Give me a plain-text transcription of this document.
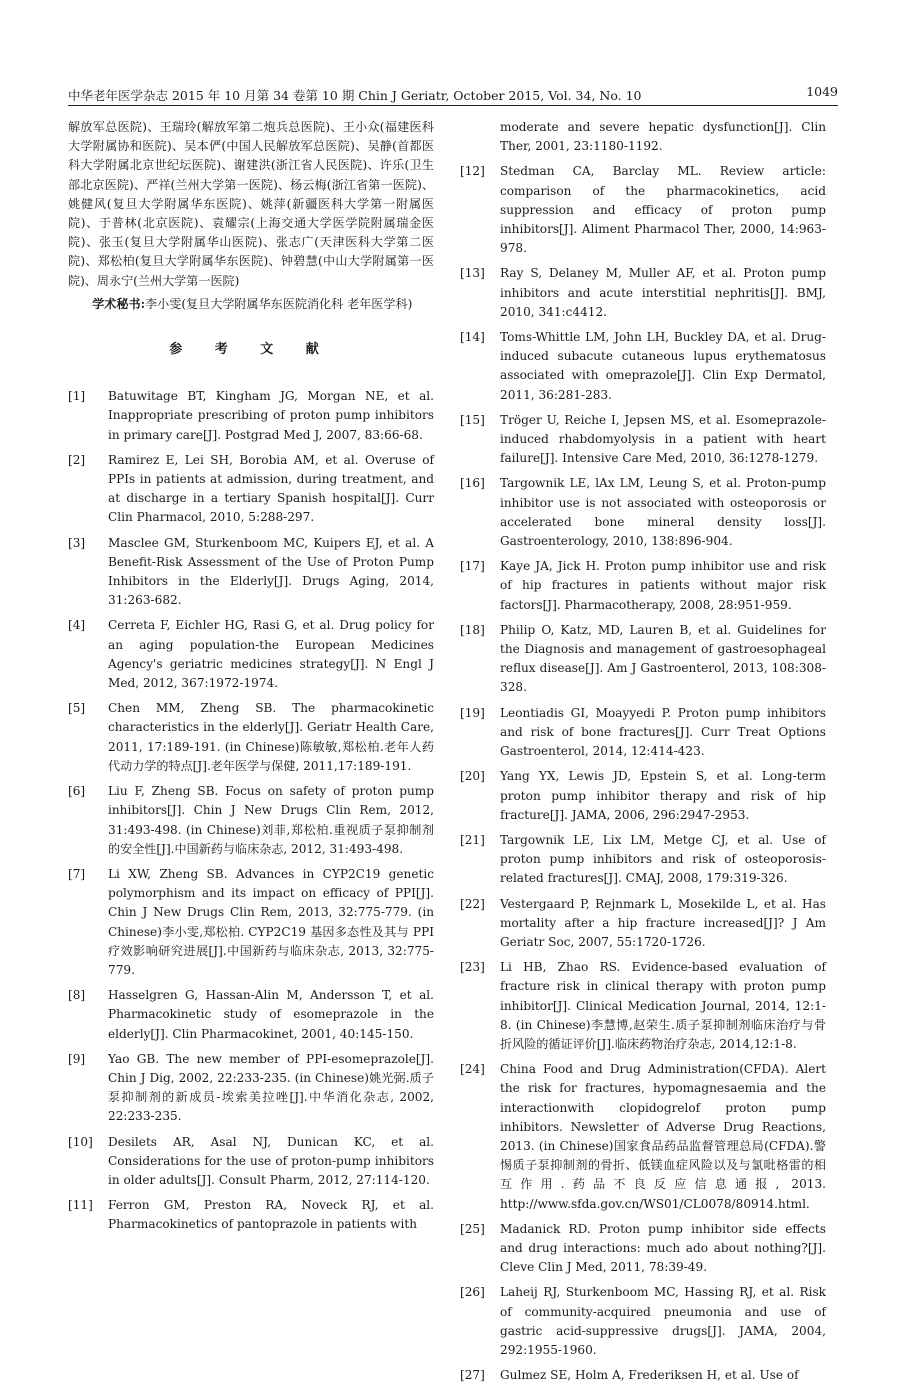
中华老年医学杂志 2015 年 10 月第 34 卷第 10 期 Chin J Geriatr, October 2015, Vol. 34, No. 10	1049

解放军总医院)、王瑞玲(解放军第二炮兵总医院)、王小众(福建医科大学附属协和医院)、吴本俨(中国人民解放军总医院)、吴静(首都医科大学附属北京世纪坛医院)、谢建洪(浙江省人民医院)、许乐(卫生部北京医院)、严祥(兰州大学第一医院)、杨云梅(浙江省第一医院)、姚健风(复旦大学附属华东医院)、姚萍(新疆医科大学第一附属医院)、于普林(北京医院)、袁耀宗(上海交通大学医学院附属瑞金医院)、张玉(复旦大学附属华山医院)、张志广(天津医科大学第二医院)、郑松柏(复旦大学附属华东医院)、钟碧慧(中山大学附属第一医院)、周永宁(兰州大学第一医院)

学术秘书:李小雯(复旦大学附属华东医院消化科 老年医学科)

参 考 文 献
[1]	Batuwitage BT, Kingham JG, Morgan NE, et al. Inappropriate prescribing of proton pump inhibitors in primary care[J]. Postgrad Med J, 2007, 83:66-68.
[2]	Ramirez E, Lei SH, Borobia AM, et al. Overuse of PPIs in patients at admission, during treatment, and at discharge in a tertiary Spanish hospital[J]. Curr Clin Pharmacol, 2010, 5:288-297.
[3]	Masclee GM, Sturkenboom MC, Kuipers EJ, et al. A Benefit-Risk Assessment of the Use of Proton Pump Inhibitors in the Elderly[J]. Drugs Aging, 2014, 31:263-682.
[4]	Cerreta F, Eichler HG, Rasi G, et al. Drug policy for an aging population-the European Medicines Agency's geriatric medicines strategy[J]. N Engl J Med, 2012, 367:1972-1974.
[5]	Chen MM, Zheng SB. The pharmacokinetic characteristics in the elderly[J]. Geriatr Health Care, 2011, 17:189-191. (in Chinese)陈敏敏,郑松柏.老年人药代动力学的特点[J].老年医学与保健, 2011,17:189-191.
[6]	Liu F, Zheng SB. Focus on safety of proton pump inhibitors[J]. Chin J New Drugs Clin Rem, 2012, 31:493-498. (in Chinese)刘菲,郑松柏.重视质子泵抑制剂的安全性[J].中国新药与临床杂志, 2012, 31:493-498.
[7]	Li XW, Zheng SB. Advances in CYP2C19 genetic polymorphism and its impact on efficacy of PPI[J]. Chin J New Drugs Clin Rem, 2013, 32:775-779. (in Chinese)李小雯,郑松柏. CYP2C19 基因多态性及其与 PPI 疗效影响研究进展[J].中国新药与临床杂志, 2013, 32:775-779.
[8]	Hasselgren G, Hassan-Alin M, Andersson T, et al. Pharmacokinetic study of esomeprazole in the elderly[J]. Clin Pharmacokinet, 2001, 40:145-150.
[9]	Yao GB. The new member of PPI-esomeprazole[J]. Chin J Dig, 2002, 22:233-235. (in Chinese)姚光弼.质子泵抑制剂的新成员-埃索美拉唑[J].中华消化杂志, 2002, 22:233-235.
[10]	Desilets AR, Asal NJ, Dunican KC, et al. Considerations for the use of proton-pump inhibitors in older adults[J]. Consult Pharm, 2012, 27:114-120.
[11]	Ferron GM, Preston RA, Noveck RJ, et al. Pharmacokinetics of pantoprazole in patients with
moderate and severe hepatic dysfunction[J]. Clin Ther, 2001, 23:1180-1192.
[12]	Stedman CA, Barclay ML. Review article: comparison of the pharmacokinetics, acid suppression and efficacy of proton pump inhibitors[J]. Aliment Pharmacol Ther, 2000, 14:963-978.
[13]	Ray S, Delaney M, Muller AF, et al. Proton pump inhibitors and acute interstitial nephritis[J]. BMJ, 2010, 341:c4412.
[14]	Toms-Whittle LM, John LH, Buckley DA, et al. Drug-induced subacute cutaneous lupus erythematosus associated with omeprazole[J]. Clin Exp Dermatol, 2011, 36:281-283.
[15]	Tröger U, Reiche I, Jepsen MS, et al. Esomeprazole-induced rhabdomyolysis in a patient with heart failure[J]. Intensive Care Med, 2010, 36:1278-1279.
[16]	Targownik LE, lAx LM, Leung S, et al. Proton-pump inhibitor use is not associated with osteoporosis or accelerated bone mineral density loss[J]. Gastroenterology, 2010, 138:896-904.
[17]	Kaye JA, Jick H. Proton pump inhibitor use and risk of hip fractures in patients without major risk factors[J]. Pharmacotherapy, 2008, 28:951-959.
[18]	Philip O, Katz, MD, Lauren B, et al. Guidelines for the Diagnosis and management of gastroesophageal reflux disease[J]. Am J Gastroenterol, 2013, 108:308-328.
[19]	Leontiadis GI, Moayyedi P. Proton pump inhibitors and risk of bone fractures[J]. Curr Treat Options Gastroenterol, 2014, 12:414-423.
[20]	Yang YX, Lewis JD, Epstein S, et al. Long-term proton pump inhibitor therapy and risk of hip fracture[J]. JAMA, 2006, 296:2947-2953.
[21]	Targownik LE, Lix LM, Metge CJ, et al. Use of proton pump inhibitors and risk of osteoporosis-related fractures[J]. CMAJ, 2008, 179:319-326.
[22]	Vestergaard P, Rejnmark L, Mosekilde L, et al. Has mortality after a hip fracture increased[J]? J Am Geriatr Soc, 2007, 55:1720-1726.
[23]	Li HB, Zhao RS. Evidence-based evaluation of fracture risk in clinical therapy with proton pump inhibitor[J]. Clinical Medication Journal, 2014, 12:1-8. (in Chinese)李慧博,赵荣生.质子泵抑制剂临床治疗与骨折风险的循证评价[J].临床药物治疗杂志, 2014,12:1-8.
[24]	China Food and Drug Administration(CFDA). Alert the risk for fractures, hypomagnesaemia and the interactionwith clopidogrelof proton pump inhibitors. Newsletter of Adverse Drug Reactions, 2013. (in Chinese)国家食品药品监督管理总局(CFDA).警惕质子泵抑制剂的骨折、低镁血症风险以及与氯吡格雷的相互作用.药品不良反应信息通报, 2013. http://www.sfda.gov.cn/WS01/CL0078/80914.html.
[25]	Madanick RD. Proton pump inhibitor side effects and drug interactions: much ado about nothing?[J]. Cleve Clin J Med, 2011, 78:39-49.
[26]	Laheij RJ, Sturkenboom MC, Hassing RJ, et al. Risk of community-acquired pneumonia and use of gastric acid-suppressive drugs[J]. JAMA, 2004, 292:1955-1960.
[27]	Gulmez SE, Holm A, Frederiksen H, et al. Use of
